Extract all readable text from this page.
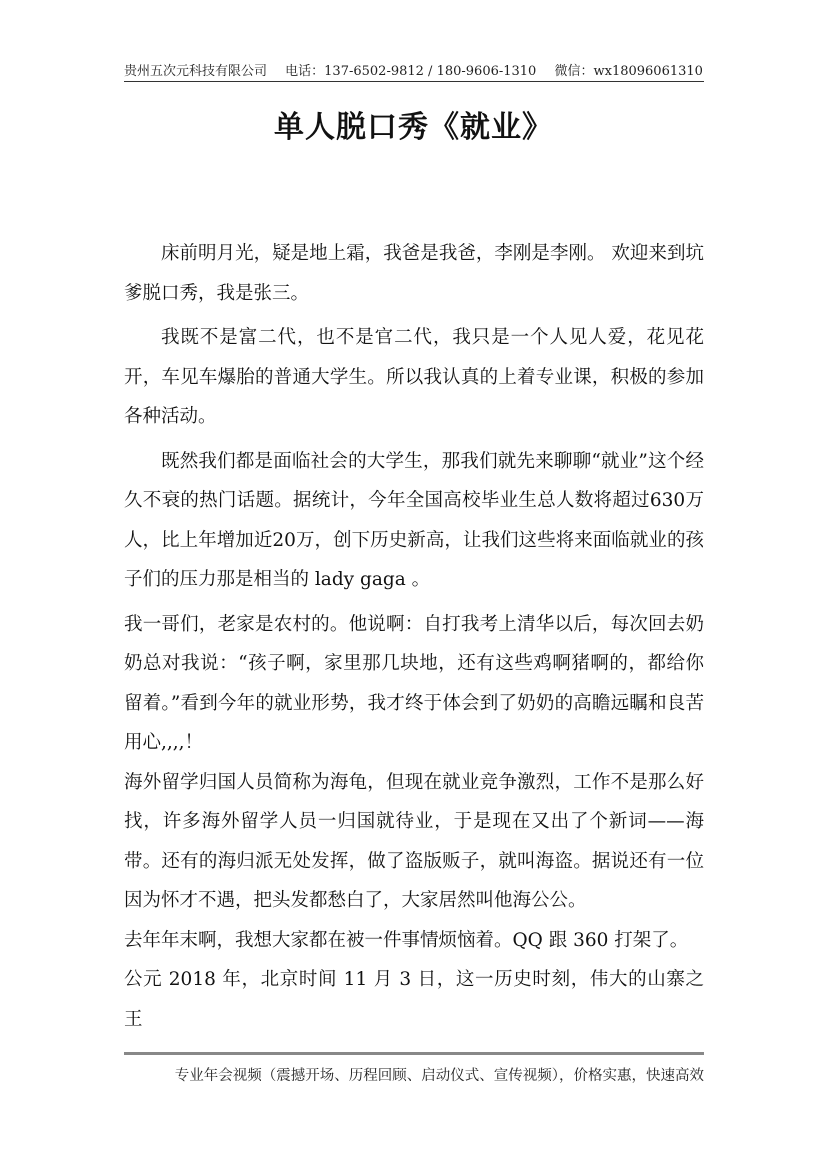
贵州五次元科技有限公司 电话：137-6502-9812 / 180-9606-1310 微信：wx18096061310
单人脱口秀《就业》

床前明月光，疑是地上霜，我爸是我爸，李刚是李刚。 欢迎来到坑爹脱口秀，我是张三。

我既不是富二代，也不是官二代，我只是一个人见人爱，花见花开，车见车爆胎的普通大学生。所以我认真的上着专业课，积极的参加各种活动。

既然我们都是面临社会的大学生，那我们就先来聊聊“就业”这个经久不衰的热门话题。据统计，今年全国高校毕业生总人数将超过630万人，比上年增加近20万，创下历史新高，让我们这些将来面临就业的孩子们的压力那是相当的 lady gaga 。

我一哥们，老家是农村的。他说啊：自打我考上清华以后，每次回去奶奶总对我说：“孩子啊，家里那几块地，还有这些鸡啊猪啊的，都给你留着。”看到今年的就业形势，我才终于体会到了奶奶的高瞻远瞩和良苦用心,,,,！

海外留学归国人员简称为海龟，但现在就业竞争激烈，工作不是那么好找，许多海外留学人员一归国就待业，于是现在又出了个新词——海带。还有的海归派无处发挥，做了盗版贩子，就叫海盗。据说还有一位因为怀才不遇，把头发都愁白了，大家居然叫他海公公。

去年年末啊，我想大家都在被一件事情烦恼着。QQ 跟 360 打架了。

公元 2018 年，北京时间 11 月 3 日，这一历史时刻，伟大的山寨之王

专业年会视频（震撼开场、历程回顾、启动仪式、宣传视频），价格实惠，快速高效
